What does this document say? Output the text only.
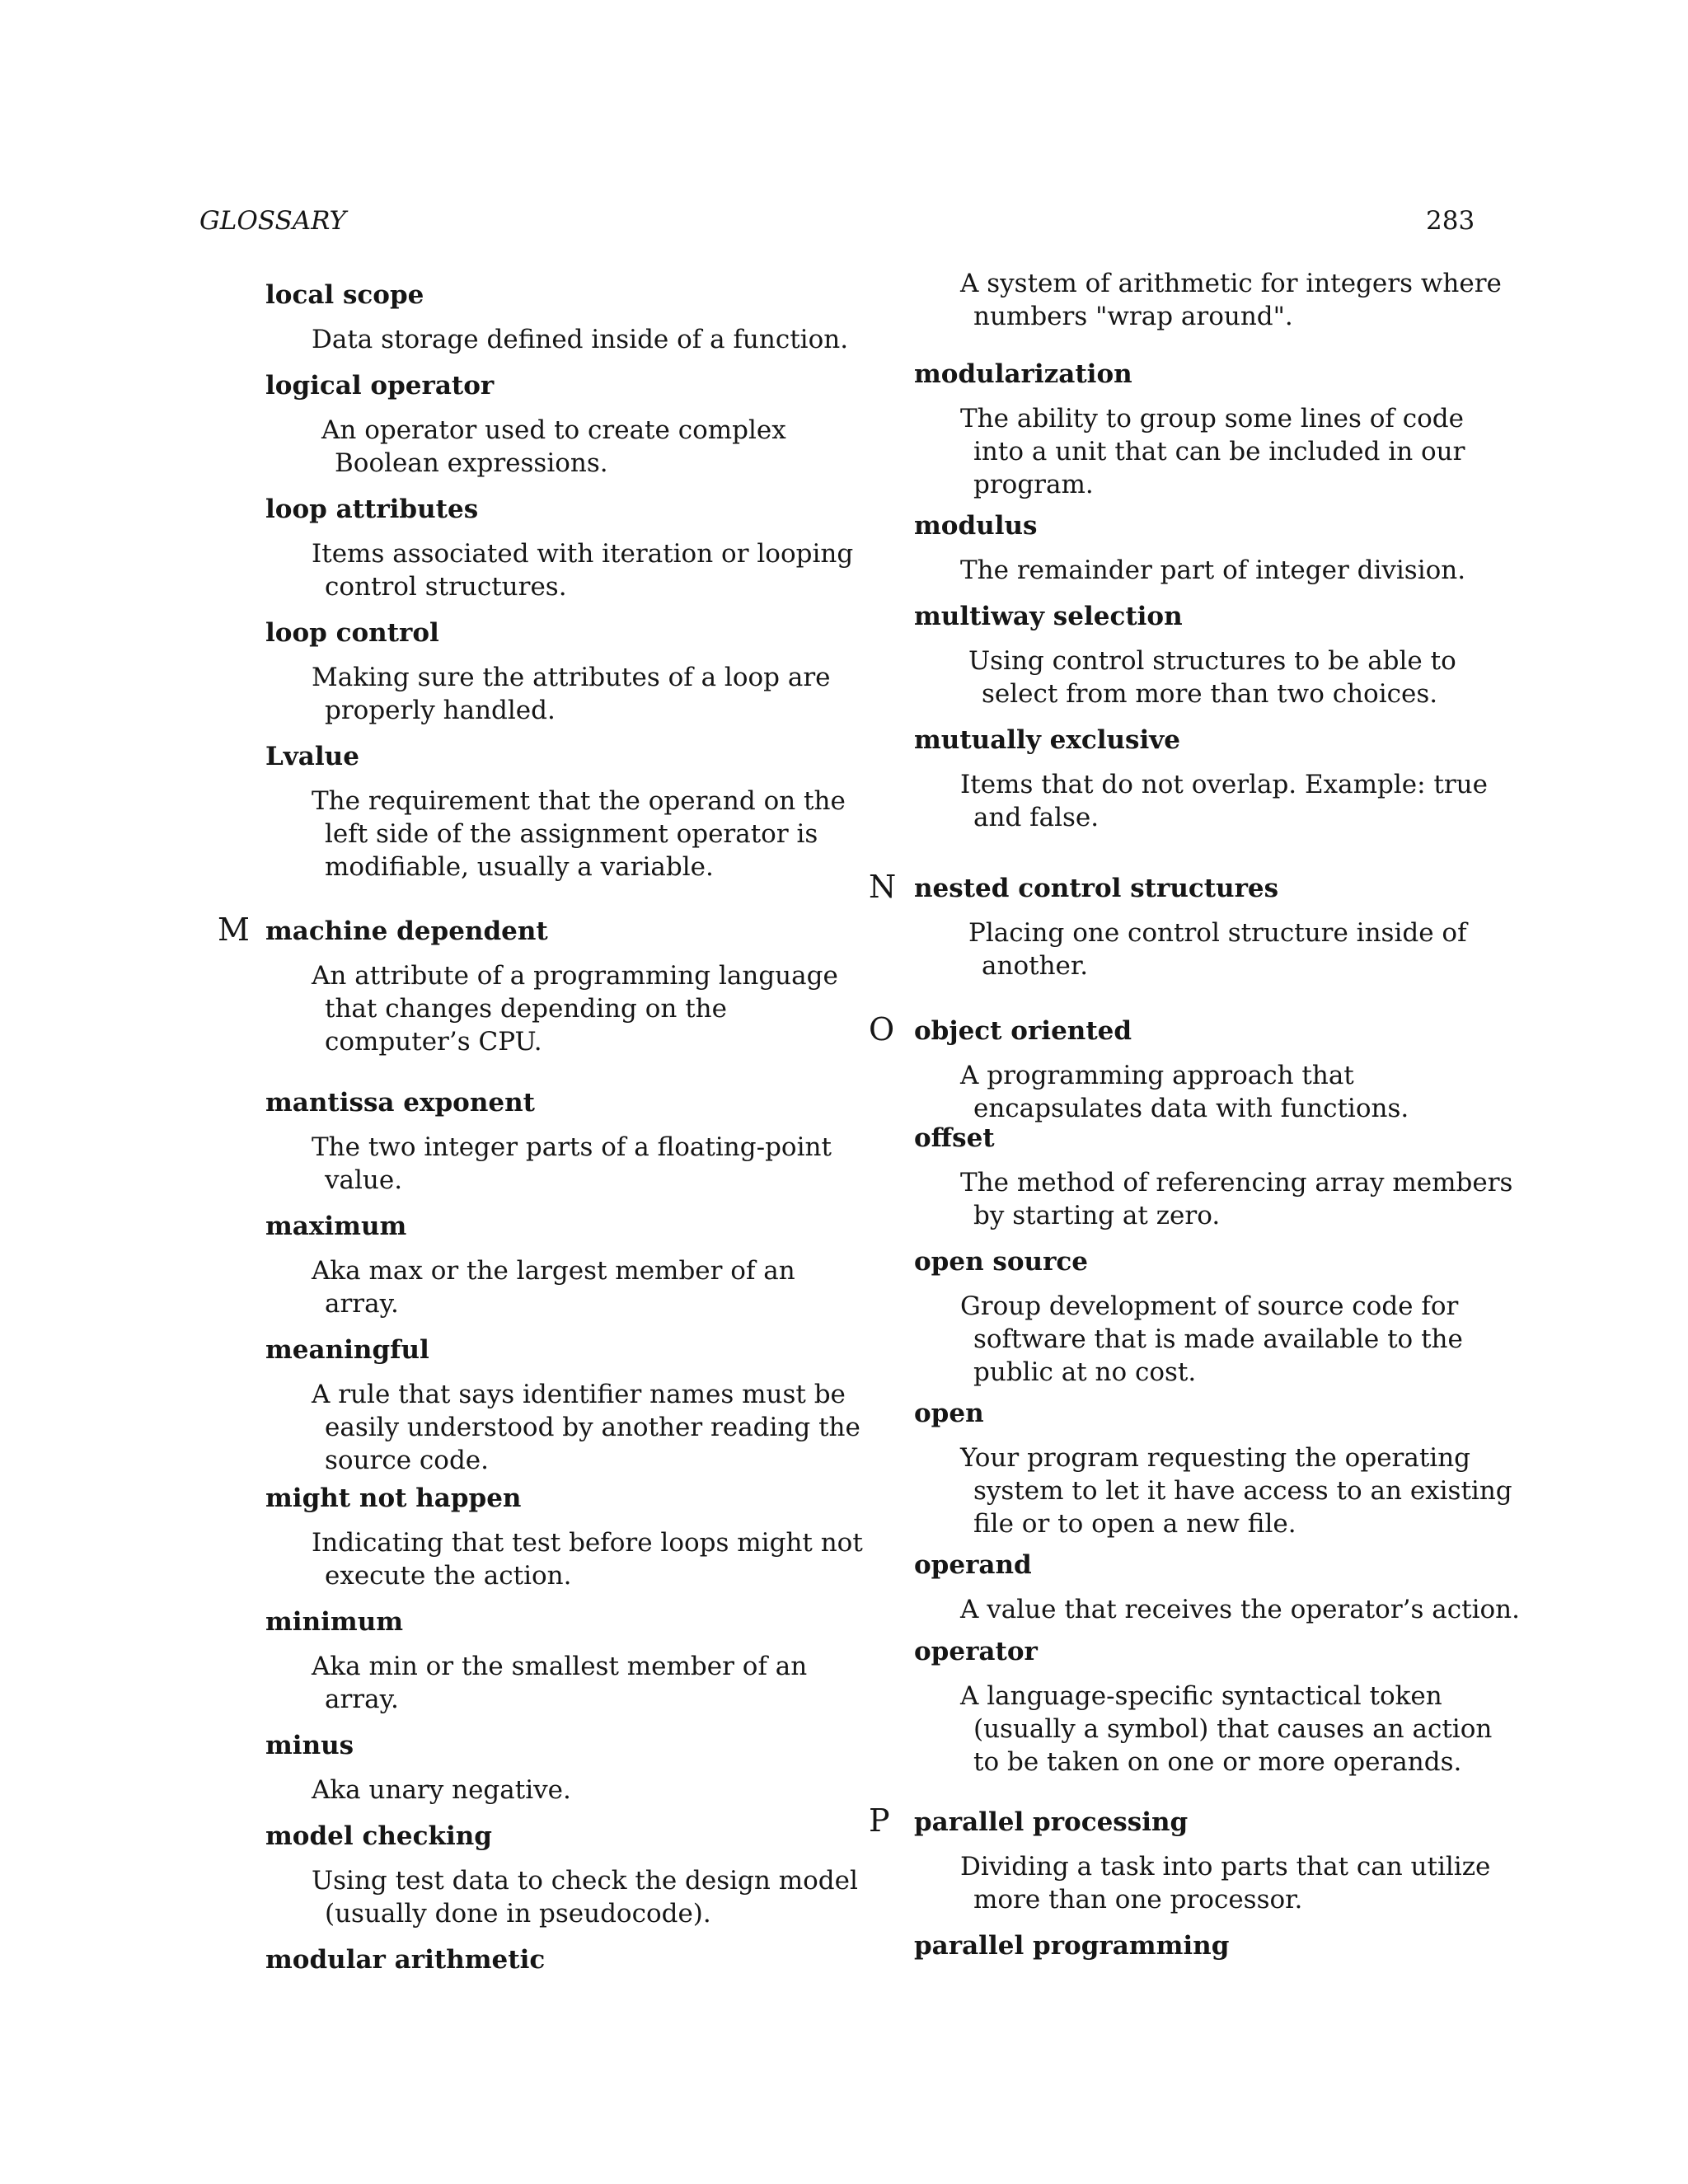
GLOSSARY	283
local scope
Data storage defined inside of a function.
logical operator
An operator used to create complex
Boolean expressions.
loop attributes
Items associated with iteration or looping
control structures.
loop control
Making sure the attributes of a loop are
properly handled.
Lvalue
The requirement that the operand on the
left side of the assignment operator is
modifiable, usually a variable.
M machine dependent
An attribute of a programming language
that changes depending on the
computer’s CPU.
mantissa exponent
The two integer parts of a floating-point
value.
maximum
Aka max or the largest member of an
array.
meaningful
A rule that says identifier names must be
easily understood by another reading the
source code.
might not happen
Indicating that test before loops might not
execute the action.
minimum
Aka min or the smallest member of an
array.
minus
Aka unary negative.
model checking
Using test data to check the design model
(usually done in pseudocode).
modular arithmetic
A system of arithmetic for integers where
numbers "wrap around".
modularization
The ability to group some lines of code
into a unit that can be included in our
program.
modulus
The remainder part of integer division.
multiway selection
Using control structures to be able to
select from more than two choices.
mutually exclusive
Items that do not overlap. Example: true
and false.
N nested control structures
Placing one control structure inside of
another.
O object oriented
A programming approach that
encapsulates data with functions.
offset
The method of referencing array members
by starting at zero.
open source
Group development of source code for
software that is made available to the
public at no cost.
open
Your program requesting the operating
system to let it have access to an existing
file or to open a new file.
operand
A value that receives the operator’s action.
operator
A language-specific syntactical token
(usually a symbol) that causes an action
to be taken on one or more operands.
P parallel processing
Dividing a task into parts that can utilize
more than one processor.
parallel programming
